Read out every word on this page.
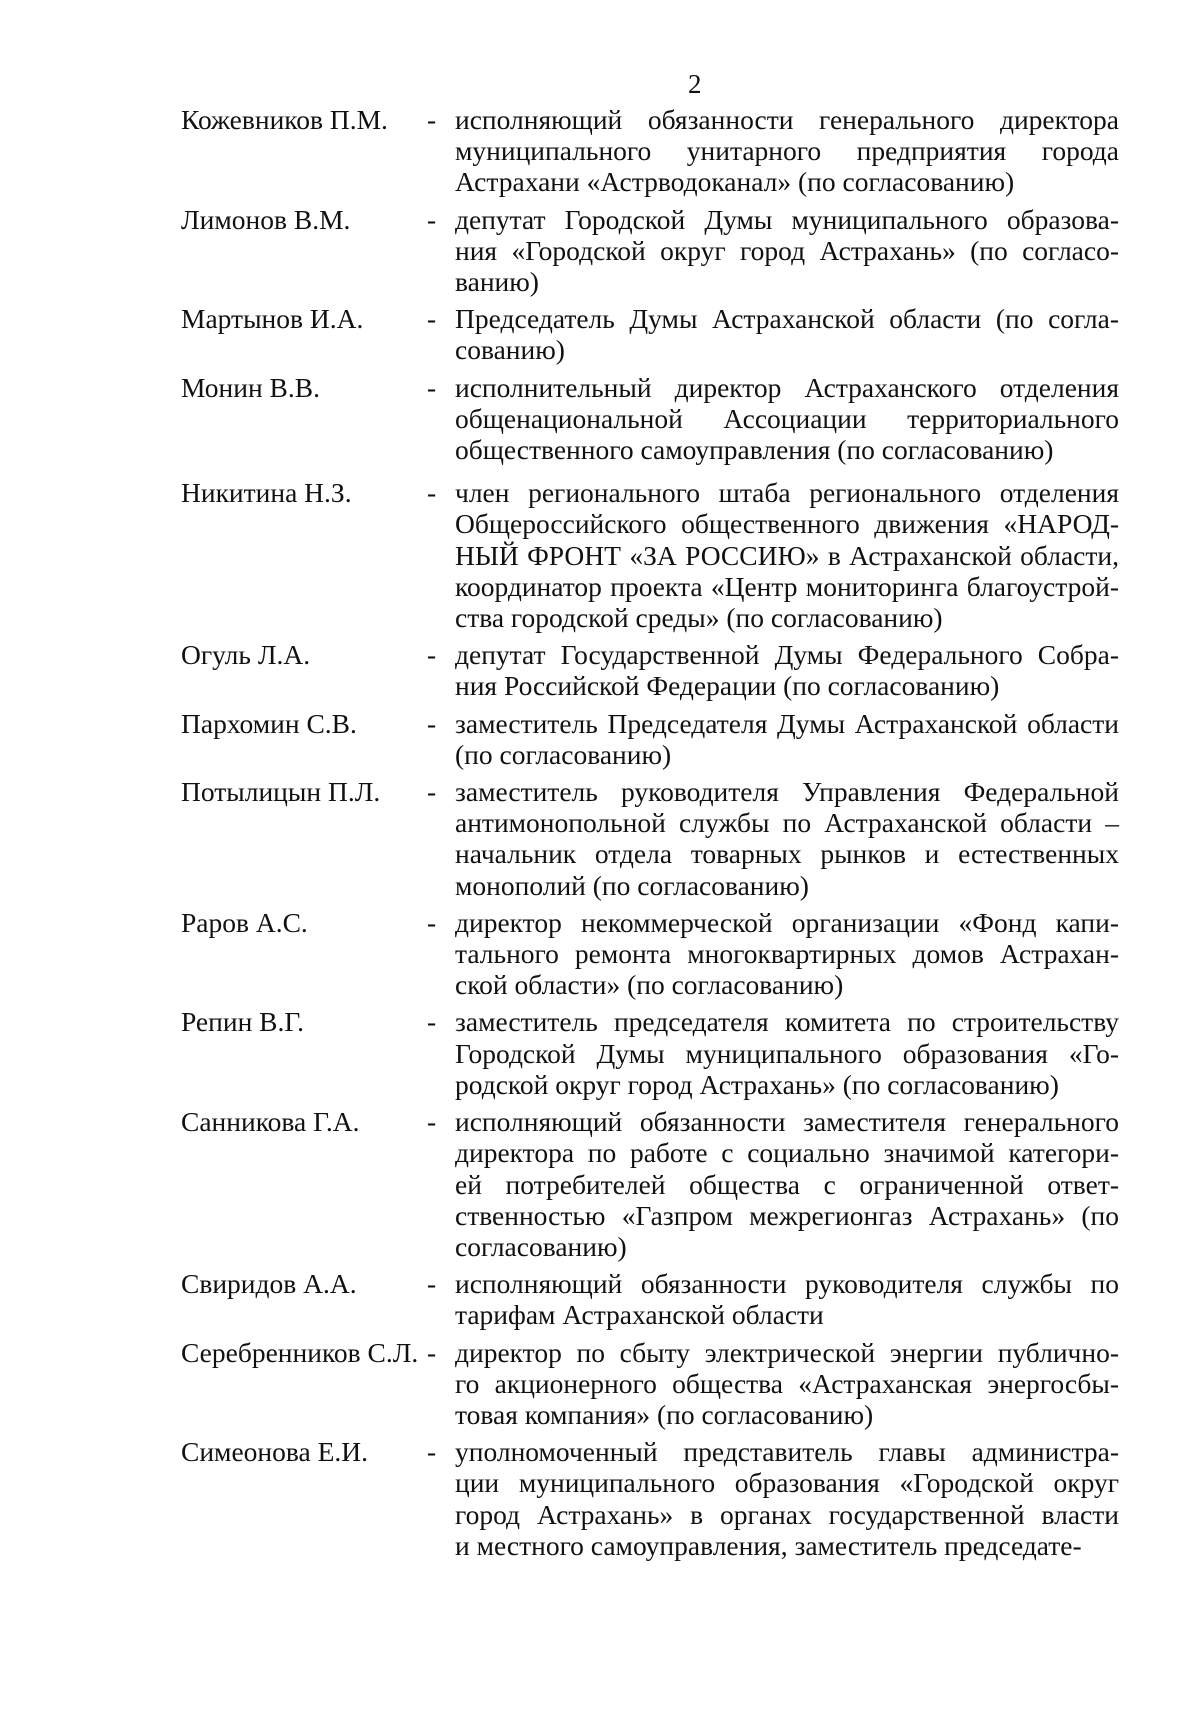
2
Кожевников П.М.	- исполняющий обязанности генерального директора
муниципального унитарного предприятия города
Астрахани «Астрводоканал» (по согласованию)
Лимонов В.М.	- депутат Городской Думы муниципального образова-
ния «Городской округ город Астрахань» (по согласо-
ванию)
Мартынов И.А.	- Председатель Думы Астраханской области (по согла-
сованию)
Монин В.В.	- исполнительный директор Астраханского отделения
общенациональной Ассоциации территориального
общественного самоуправления (по согласованию)
Никитина Н.З.	- член регионального штаба регионального отделения
Общероссийского общественного движения «НАРОД-
НЫЙ ФРОНТ «ЗА РОССИЮ» в Астраханской области,
координатор проекта «Центр мониторинга благоустрой-
ства городской среды» (по согласованию)
Огуль Л.А.	- депутат Государственной Думы Федерального Собра-
ния Российской Федерации (по согласованию)
Пархомин С.В.	- заместитель Председателя Думы Астраханской области
(по согласованию)
Потылицын П.Л.	- заместитель руководителя Управления Федеральной
антимонопольной службы по Астраханской области –
начальник отдела товарных рынков и естественных
монополий (по согласованию)
Раров А.С.	- директор некоммерческой организации «Фонд капи-
тального ремонта многоквартирных домов Астрахан-
ской области» (по согласованию)
Репин В.Г.	- заместитель председателя комитета по строительству
Городской Думы муниципального образования «Го-
родской округ город Астрахань» (по согласованию)
Санникова Г.А.	- исполняющий обязанности заместителя генерального
директора по работе с социально значимой категори-
ей потребителей общества с ограниченной ответ-
ственностью «Газпром межрегионгаз Астрахань» (по
согласованию)
Свиридов А.А.	- исполняющий обязанности руководителя службы по
тарифам Астраханской области
Серебренников С.Л. - директор по сбыту электрической энергии публично-
го акционерного общества «Астраханская энергосбы-
товая компания» (по согласованию)
Симеонова Е.И.	- уполномоченный представитель главы администра-
ции муниципального образования «Городской округ
город Астрахань» в органах государственной власти
и местного самоуправления, заместитель председате-
